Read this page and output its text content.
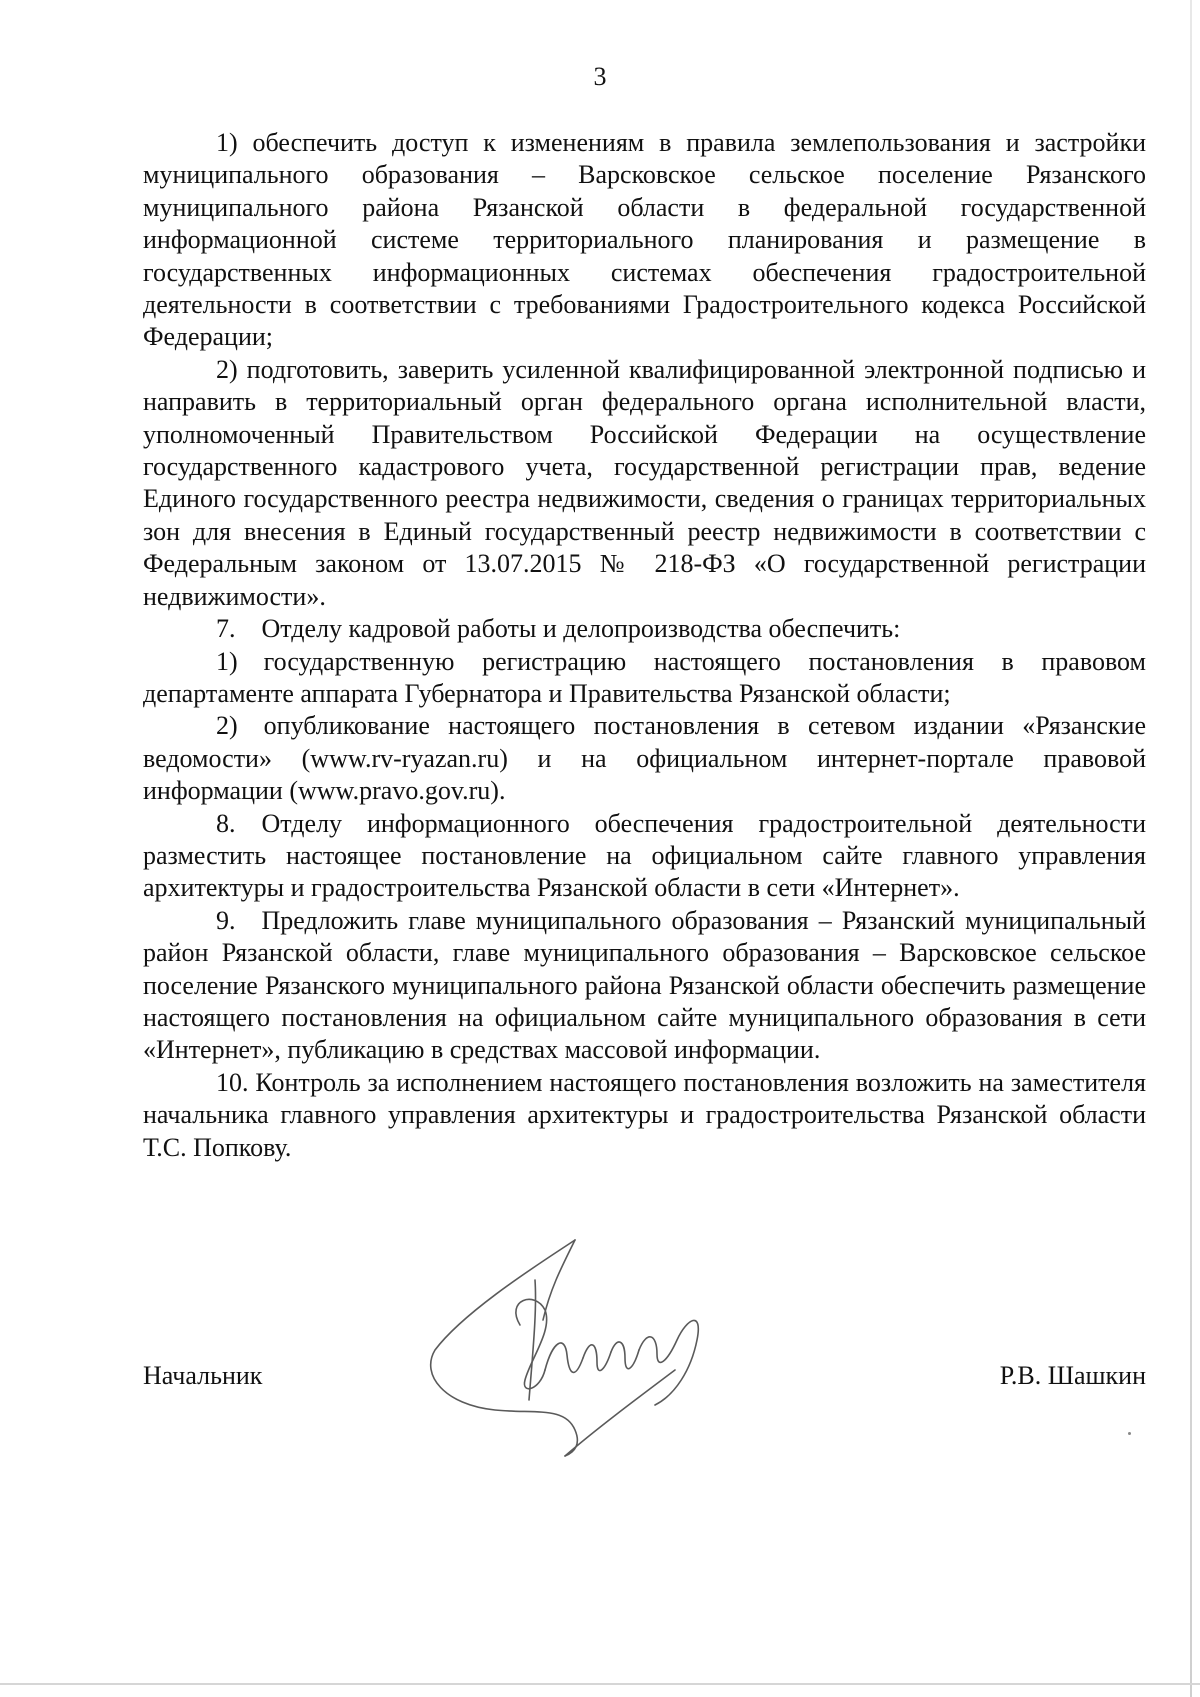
3

1) обеспечить доступ к изменениям в правила землепользования и застройки муниципального образования – Варсковское сельское поселение Рязанского муниципального района Рязанской области в федеральной государственной информационной системе территориального планирования и размещение в государственных информационных системах обеспечения градостроительной деятельности в соответствии с требованиями Градостроительного кодекса Российской Федерации;

2) подготовить, заверить усиленной квалифицированной электронной подписью и направить в территориальный орган федерального органа исполнительной власти, уполномоченный Правительством Российской Федерации на осуществление государственного кадастрового учета, государственной регистрации прав, ведение Единого государственного реестра недвижимости, сведения о границах территориальных зон для внесения в Единый государственный реестр недвижимости в соответствии с Федеральным законом от 13.07.2015 № 218-ФЗ «О государственной регистрации недвижимости».

7. Отделу кадровой работы и делопроизводства обеспечить:

1) государственную регистрацию настоящего постановления в правовом департаменте аппарата Губернатора и Правительства Рязанской области;

2) опубликование настоящего постановления в сетевом издании «Рязанские ведомости» (www.rv-ryazan.ru) и на официальном интернет-портале правовой информации (www.pravo.gov.ru).

8. Отделу информационного обеспечения градостроительной деятельности разместить настоящее постановление на официальном сайте главного управления архитектуры и градостроительства Рязанской области в сети «Интернет».

9. Предложить главе муниципального образования – Рязанский муниципальный район Рязанской области, главе муниципального образования – Варсковское сельское поселение Рязанского муниципального района Рязанской области обеспечить размещение настоящего постановления на официальном сайте муниципального образования в сети «Интернет», публикацию в средствах массовой информации.

10. Контроль за исполнением настоящего постановления возложить на заместителя начальника главного управления архитектуры и градостроительства Рязанской области Т.С. Попкову.

Начальник	Р.В. Шашкин
